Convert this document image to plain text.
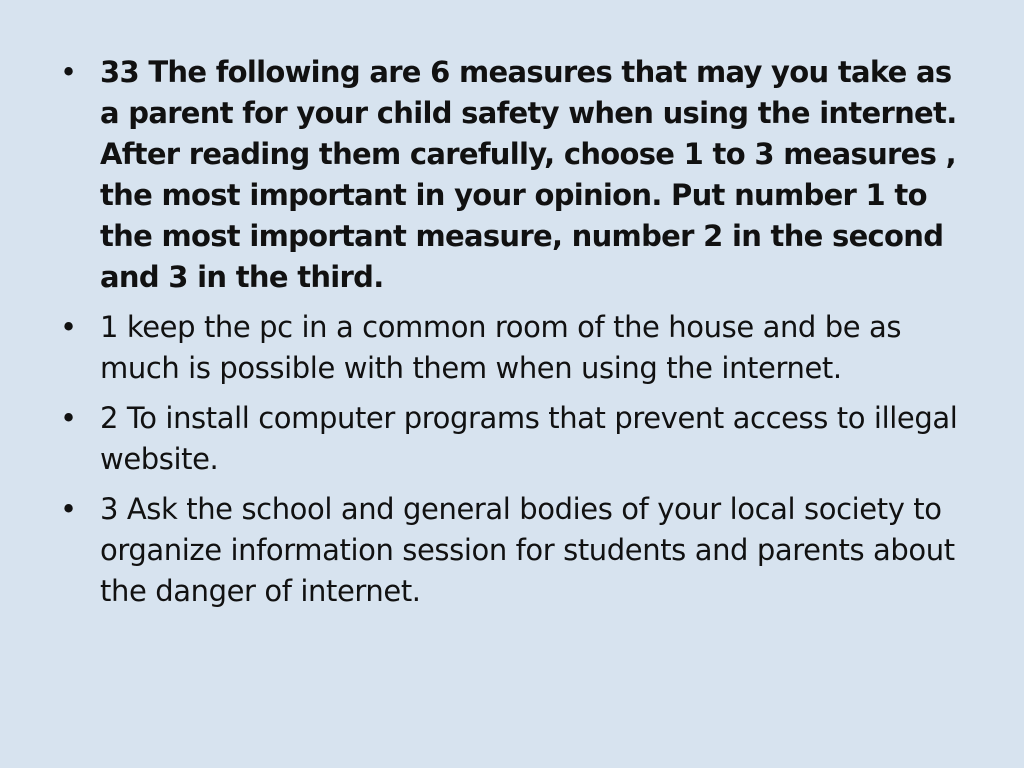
• 33 The following are 6 measures that may you take as a parent for your child safety when using the internet. After reading them carefully, choose 1 to 3 measures , the most important in your opinion. Put number 1 to the most important measure, number 2 in the second and 3 in the third.
• 1 keep the pc in a common room of the house and be as much is possible with them when using the internet.
• 2 To install computer programs that prevent access to illegal website.
• 3 Ask the school and general bodies of your local society to organize information session for students and parents about the danger of internet.
